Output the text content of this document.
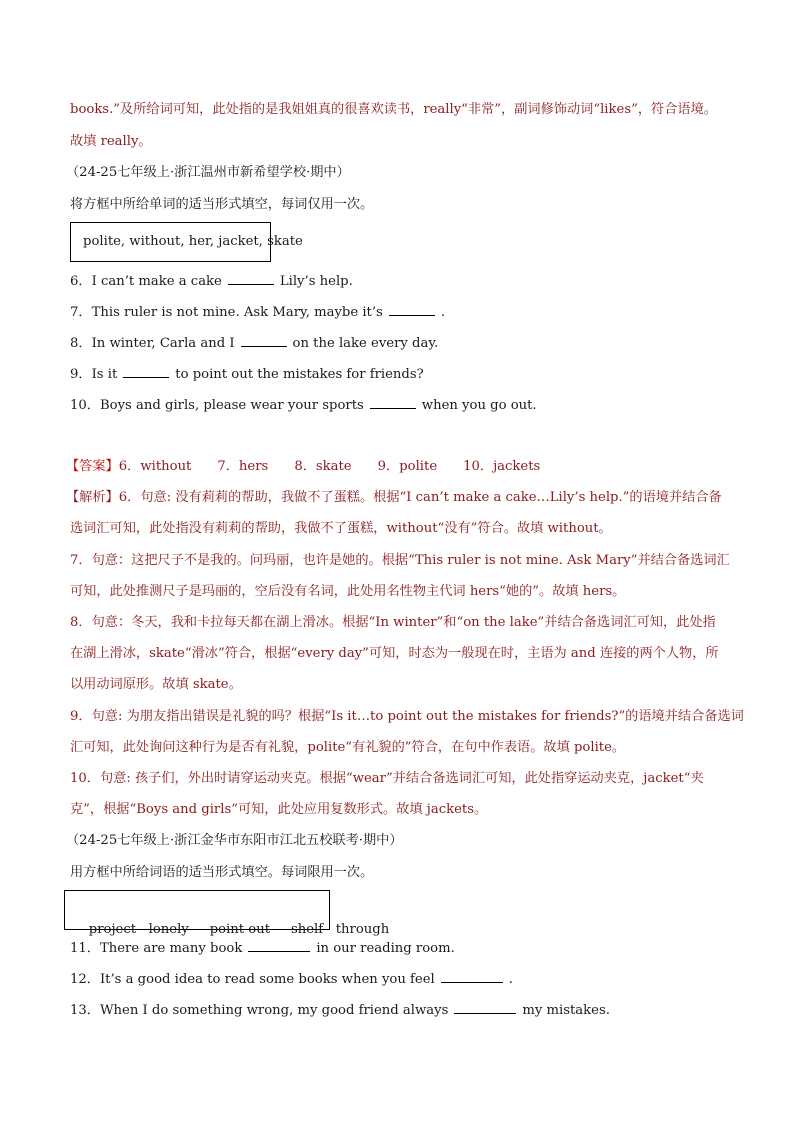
books.”及所给词可知，此处指的是我姐姐真的很喜欢读书，really“非常”，副词修饰动词“likes”，符合语境。
故填 really。
（24-25七年级上·浙江温州市新希望学校·期中）
将方框中所给单词的适当形式填空，每词仅用一次。
polite, without, her, jacket, skate
6．I can’t make a cake	Lily’s help.
7．This ruler is not mine. Ask Mary, maybe it’s	.
8．In winter, Carla and I	on the lake every day.
9．Is it	to point out the mistakes for friends?
10．Boys and girls, please wear your sports	when you go out.
【答案】6．without 7．hers 8．skate 9．polite 10．jackets
【解析】6．句意: 没有莉莉的帮助，我做不了蛋糕。根据“I can’t make a cake…Lily’s help.”的语境并结合备
选词汇可知，此处指没有莉莉的帮助，我做不了蛋糕，without“没有”符合。故填 without。
7．句意：这把尺子不是我的。问玛丽，也许是她的。根据“This ruler is not mine. Ask Mary”并结合备选词汇
可知，此处推测尺子是玛丽的，空后没有名词，此处用名性物主代词 hers“她的”。故填 hers。
8．句意：冬天，我和卡拉每天都在湖上滑冰。根据“In winter”和“on the lake”并结合备选词汇可知，此处指
在湖上滑冰，skate“滑冰”符合，根据“every day”可知，时态为一般现在时，主语为 and 连接的两个人物，所
以用动词原形。故填 skate。
9．句意: 为朋友指出错误是礼貌的吗？根据“Is it…to point out the mistakes for friends?”的语境并结合备选词
汇可知，此处询问这种行为是否有礼貌，polite“有礼貌的”符合，在句中作表语。故填 polite。
10．句意: 孩子们，外出时请穿运动夹克。根据“wear”并结合备选词汇可知，此处指穿运动夹克，jacket“夹
克”，根据“Boys and girls”可知，此处应用复数形式。故填 jackets。
（24-25七年级上·浙江金华市东阳市江北五校联考·期中）
用方框中所给词语的适当形式填空。每词限用一次。

project   lonely     point out     shelf   through

11．There are many book	in our reading room.
12．It’s a good idea to read some books when you feel	.
13．When I do something wrong, my good friend always	my mistakes.
